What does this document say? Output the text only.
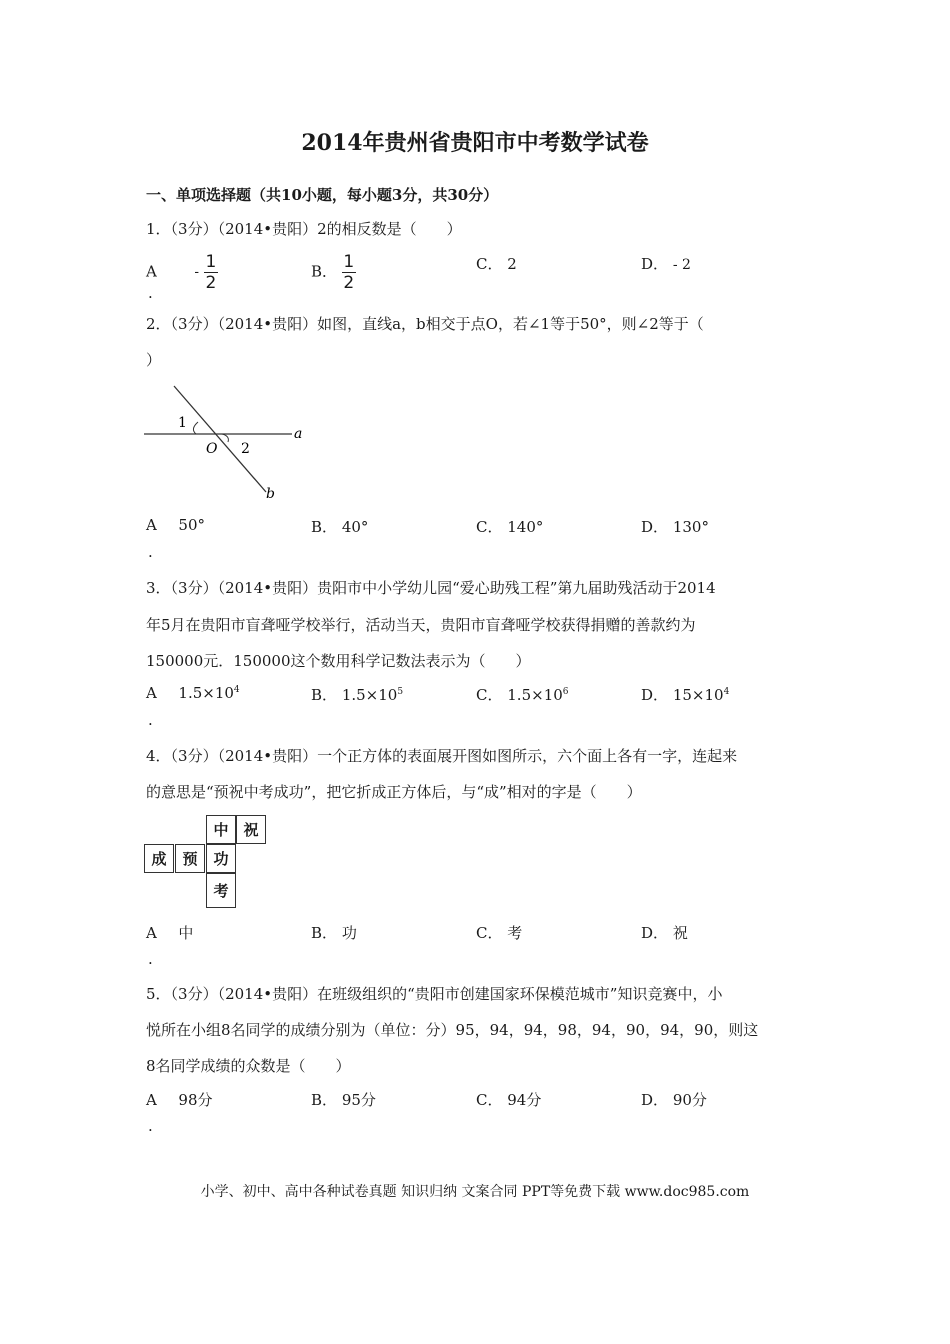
2014年贵州省贵阳市中考数学试卷
一、单项选择题（共10小题，每小题3分，共30分）
1．（3分）（2014•贵阳）2的相反数是（　　）
A	- $\frac{1}{2}$
.
B． $\frac{1}{2}$	C． 2	D． - 2
2．（3分）（2014•贵阳）如图，直线a，b相交于点O，若∠1等于50°，则∠2等于（
）
1
2
O
a
b
A 50°
.
B． 40°	C． 140°	D． 130°
3．（3分）（2014•贵阳）贵阳市中小学幼儿园“爱心助残工程”第九届助残活动于2014
年5月在贵阳市盲聋哑学校举行，活动当天，贵阳市盲聋哑学校获得捐赠的善款约为
150000元．150000这个数用科学记数法表示为（　　）
A $1.5\times 10^4$
.
B． $1.5\times 10^5$	C． $1.5\times 10^6$	D． $15\times 10^4$
4．（3分）（2014•贵阳）一个正方体的表面展开图如图所示，六个面上各有一字，连起来
的意思是“预祝中考成功”，把它折成正方体后，与“成”相对的字是（　　）
中 祝
成	预	功
考
A 中
.
B． 功	C． 考	D． 祝
5．（3分）（2014•贵阳）在班级组织的“贵阳市创建国家环保模范城市”知识竞赛中，小
悦所在小组8名同学的成绩分别为（单位：分）95，94，94，98，94，90，94，90，则这
8名同学成绩的众数是（　　）
A 98分
.
B． 95分	C． 94分	D． 90分
小学、初中、高中各种试卷真题 知识归纳 文案合同 PPT等免费下载 www.doc985.com
